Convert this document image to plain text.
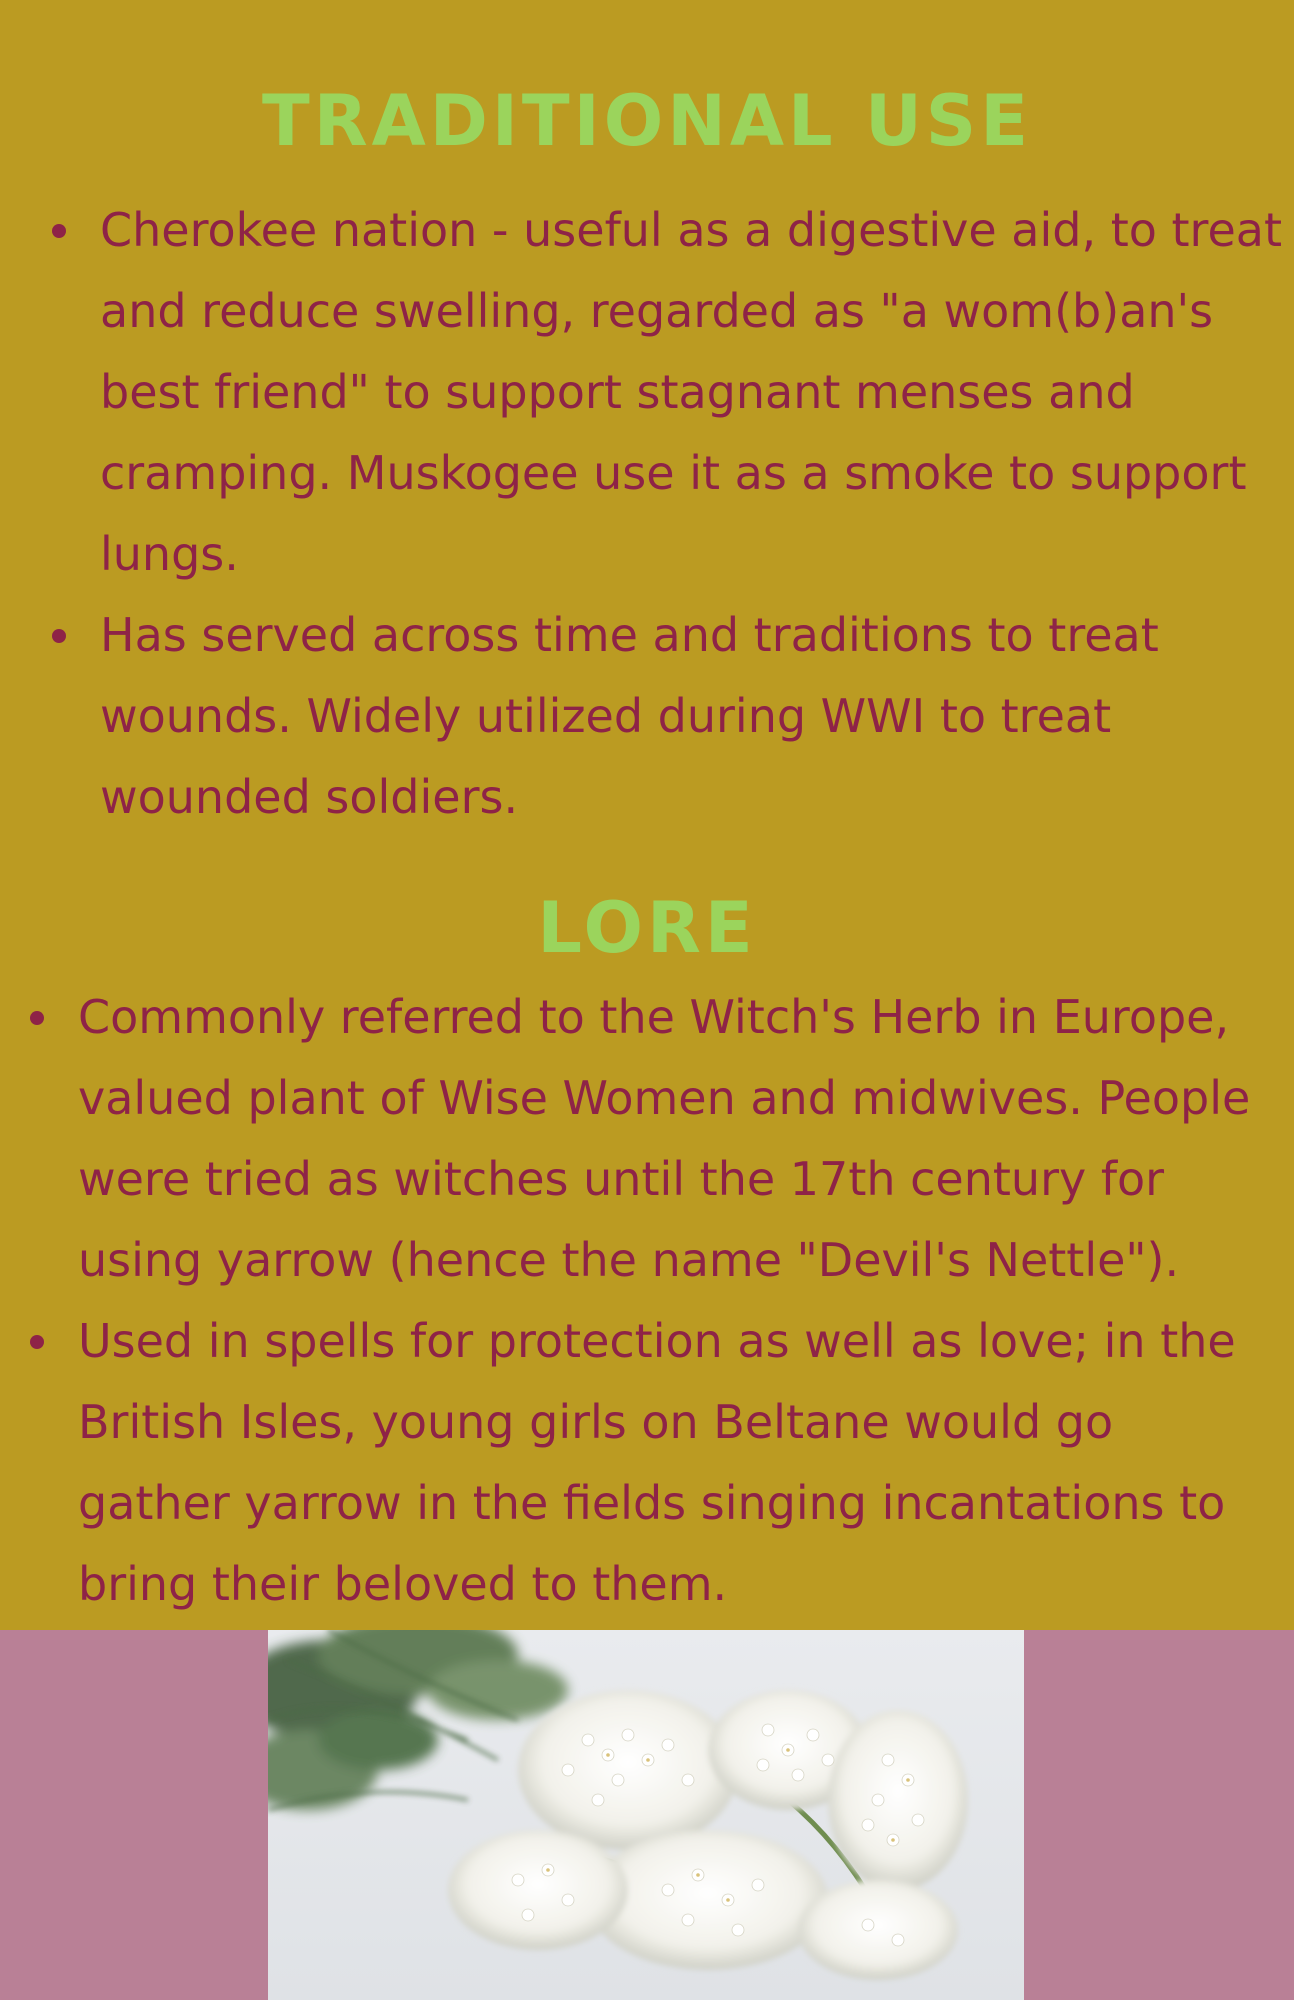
TRADITIONAL USE
Cherokee nation - useful as a digestive aid, to treat
and reduce swelling, regarded as "a wom(b)an's
best friend" to support stagnant menses and
cramping. Muskogee use it as a smoke to support
lungs.
Has served across time and traditions to treat
wounds. Widely utilized during WWI to treat
wounded soldiers.
LORE
Commonly referred to the Witch's Herb in Europe,
valued plant of Wise Women and midwives. People
were tried as witches until the 17th century for
using yarrow (hence the name "Devil's Nettle").
Used in spells for protection as well as love; in the
British Isles, young girls on Beltane would go
gather yarrow in the fields singing incantations to
bring their beloved to them.
